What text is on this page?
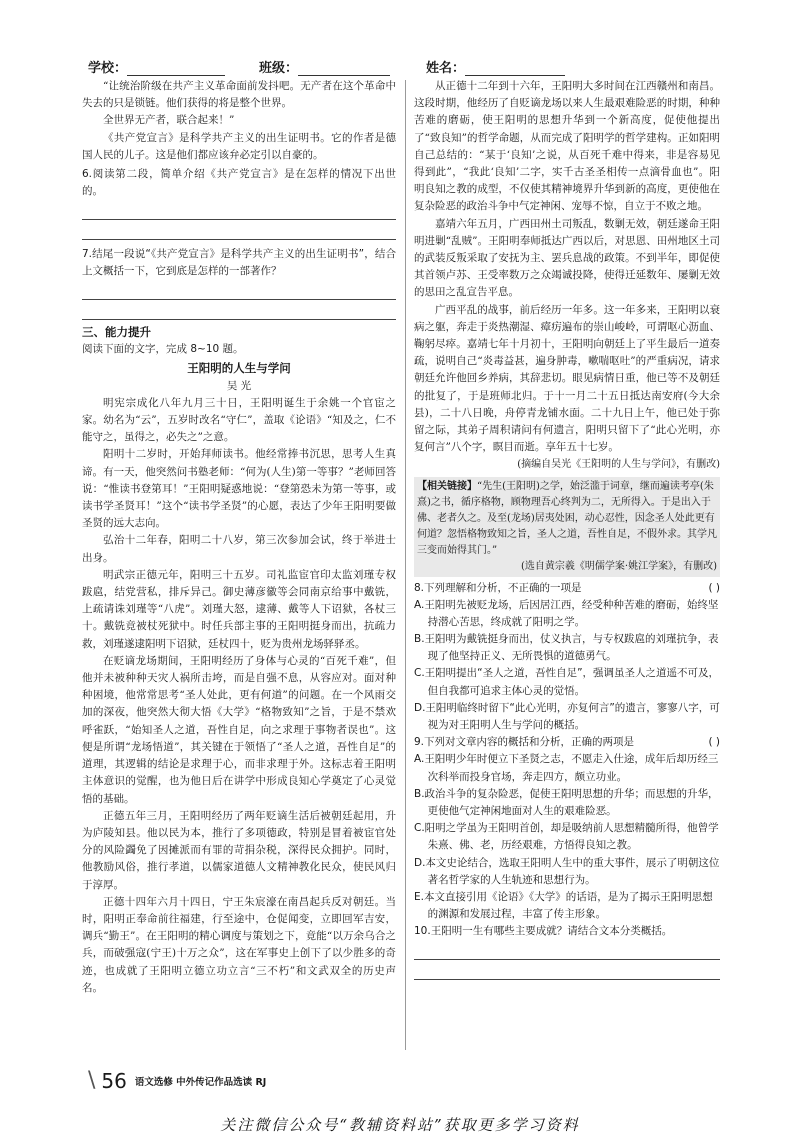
学校：	班级：	姓名：
“让统治阶级在共产主义革命面前发抖吧。无产者在这个革命中失去的只是锁链。他们获得的将是整个世界。
全世界无产者，联合起来！”
《共产党宣言》是科学共产主义的出生证明书。它的作者是德国人民的儿子。这是他们都应该弁必定引以自豪的。
6.阅读第二段，简单介绍《共产党宣言》是在怎样的情况下出世的。
7.结尾一段说“《共产党宣言》是科学共产主义的出生证明书”，结合上文概括一下，它到底是怎样的一部著作？
三、能力提升
阅读下面的文字，完成 8~10 题。
王阳明的人生与学问
吴 光
明宪宗成化八年九月三十日，王阳明诞生于余姚一个官宦之家。幼名为“云”，五岁时改名“守仁”，盖取《论语》“知及之，仁不能守之，虽得之，必失之”之意。
阳明十二岁时，开始拜师读书。他经常捧书沉思，思考人生真谛。有一天，他突然问书塾老师：“何为(人生)第一等事？”老师回答说：“惟读书登第耳！”王阳明疑惑地说：“登第恐未为第一等事，或读书学圣贤耳！”这个“读书学圣贤”的心愿，表达了少年王阳明要做圣贤的远大志向。
弘治十二年春，阳明二十八岁，第三次参加会试，终于举进士出身。
明武宗正德元年，阳明三十五岁。司礼监宦官印太监刘瑾专权跋扈，结党营私，排斥异己。御史薄彦徽等会同南京给事中戴铣，上疏请诛刘瑾等“八虎”。刘瑾大怒，逮薄、戴等人下诏狱，各杖三十。戴铣竟被杖死狱中。时任兵部主事的王阳明挺身而出，抗疏力救，刘瑾遂逮阳明下诏狱，廷杖四十，贬为贵州龙场驿驿丞。
在贬谪龙场期间，王阳明经历了身体与心灵的“百死千难”，但他并未被种种天灾人祸所击垮，而是自强不息，从容应对。面对种种困境，他常常思考“圣人处此，更有何道”的问题。在一个风雨交加的深夜，他突然大彻大悟《大学》“格物致知”之旨，于是不禁欢呼雀跃，“始知圣人之道，吾性自足，向之求理于事物者误也”。这便是所谓“龙场悟道”，其关键在于领悟了“圣人之道，吾性自足”的道理，其逻辑的结论是求理于心，而非求理于外。这标志着王阳明主体意识的觉醒，也为他日后在讲学中形成良知心学奠定了心灵觉悟的基础。
正德五年三月，王阳明经历了两年贬谪生活后被朝廷起用，升为庐陵知县。他以民为本，推行了多项德政，特别是冒着被宦官处分的风险蠲免了因摊派而有罪的苛捐杂税，深得民众拥护。同时，他教励风俗，推行孝道，以儒家道德人文精神教化民众，使民风归于淳厚。
正德十四年六月十四日，宁王朱宸濠在南昌起兵反对朝廷。当时，阳明正奉命前往福建，行至途中，仓促闻变，立即回军吉安，调兵“勤王”。在王阳明的精心调度与策划之下，竟能“以万余乌合之兵，而破强寇(宁王)十万之众”，这在军事史上创下了以少胜多的奇迹，也成就了王阳明立德立功立言“三不朽”和文武双全的历史声名。
从正德十二年到十六年，王阳明大多时间在江西赣州和南昌。这段时期，他经历了自贬谪龙场以来人生最艰难险恶的时期，种种苦难的磨砺，使王阳明的思想升华到一个新高度，促使他提出了“致良知”的哲学命题，从而完成了阳明学的哲学建构。正如阳明自己总结的：“某于‘良知’之说，从百死千难中得来，非是容易见得到此”，“我此‘良知’二字，实千古圣圣相传一点滴骨血也”。阳明良知之教的成型，不仅使其精神境界升华到新的高度，更使他在复杂险恶的政治斗争中气定神闲、宠辱不惊，自立于不败之地。
嘉靖六年五月，广西田州土司叛乱，数剿无效，朝廷遂命王阳明进剿“乱贼”。王阳明奉师抵达广西以后，对思恩、田州地区土司的武装反叛采取了安抚为主、罢兵息战的政策。不到半年，即促使其首领卢苏、王受率数万之众竭诚投降，使得迁延数年、屡剿无效的思田之乱宣告平息。
广西平乱的战事，前后经历一年多。这一年多来，王阳明以衰病之躯，奔走于炎热潮湿、瘴疠遍布的崇山峻岭，可谓呕心沥血、鞠躬尽瘁。嘉靖七年十月初十，王阳明向朝廷上了平生最后一道奏疏，说明自己“炎毒益甚，遍身肿毒，嗽喘呕吐”的严重病况，请求朝廷允许他回乡养病，其辞悲切。眼见病情日重，他已等不及朝廷的批复了，于是班师北归。于十一月二十五日抵达南安府(今大余县)，二十八日晚，舟停青龙铺水面。二十九日上午，他已处于弥留之际，其弟子周积请问有何遗言，阳明只留下了“此心光明，亦复何言”八个字，瞑目而逝。享年五十七岁。
(摘编自吴光《王阳明的人生与学问》，有删改)
【相关链接】“先生(王阳明)之学，始泛滥于词章，继而遍读考亭(朱熹)之书，循序格物，顾物理吾心终判为二，无所得入。于是出入于佛、老者久之。及至(龙场)居夷处困，动心忍性，因念圣人处此更有何道？忽悟格物致知之旨，圣人之道，吾性自足，不假外求。其学凡三变而始得其门。”
(选自黄宗羲《明儒学案·姚江学案》，有删改)
8.下列理解和分析，不正确的一项是	( )
A.王阳明先被贬龙场，后因居江西，经受种种苦难的磨砺，始终坚持潜心苦思，终成就了阳明之学。
B.王阳明为戴铣挺身而出，仗义执言，与专权跋扈的刘瑾抗争，表现了他坚持正义、无所畏惧的道德勇气。
C.王阳明提出“圣人之道，吾性自足”，强调虽圣人之道遥不可及，但自我都可追求主体心灵的觉悟。
D.王阳明临终时留下“此心光明，亦复何言”的遗言，寥寥八字，可视为对王阳明人生与学问的概括。
9.下列对文章内容的概括和分析，正确的两项是	( )
A.王阳明少年时便立下圣贤之志，不愿走入仕途，成年后却历经三次科举而投身官场，奔走四方，颇立功业。
B.政治斗争的复杂险恶，促使王阳明思想的升华；而思想的升华，更使他气定神闲地面对人生的艰难险恶。
C.阳明之学虽为王阳明首创，却是吸纳前人思想精髓所得，他曾学朱熹、佛、老，历经艰难，方悟得良知之教。
D.本文史论结合，选取王阳明人生中的重大事件，展示了明朝这位著名哲学家的人生轨迹和思想行为。
E.本文直接引用《论语》《大学》的话语，是为了揭示王阳明思想的渊源和发展过程，丰富了传主形象。
10.王阳明一生有哪些主要成就？请结合文本分类概括。
\ 56 语文选修 中外传记作品选读 RJ
关注微信公众号“教辅资料站”获取更多学习资料
